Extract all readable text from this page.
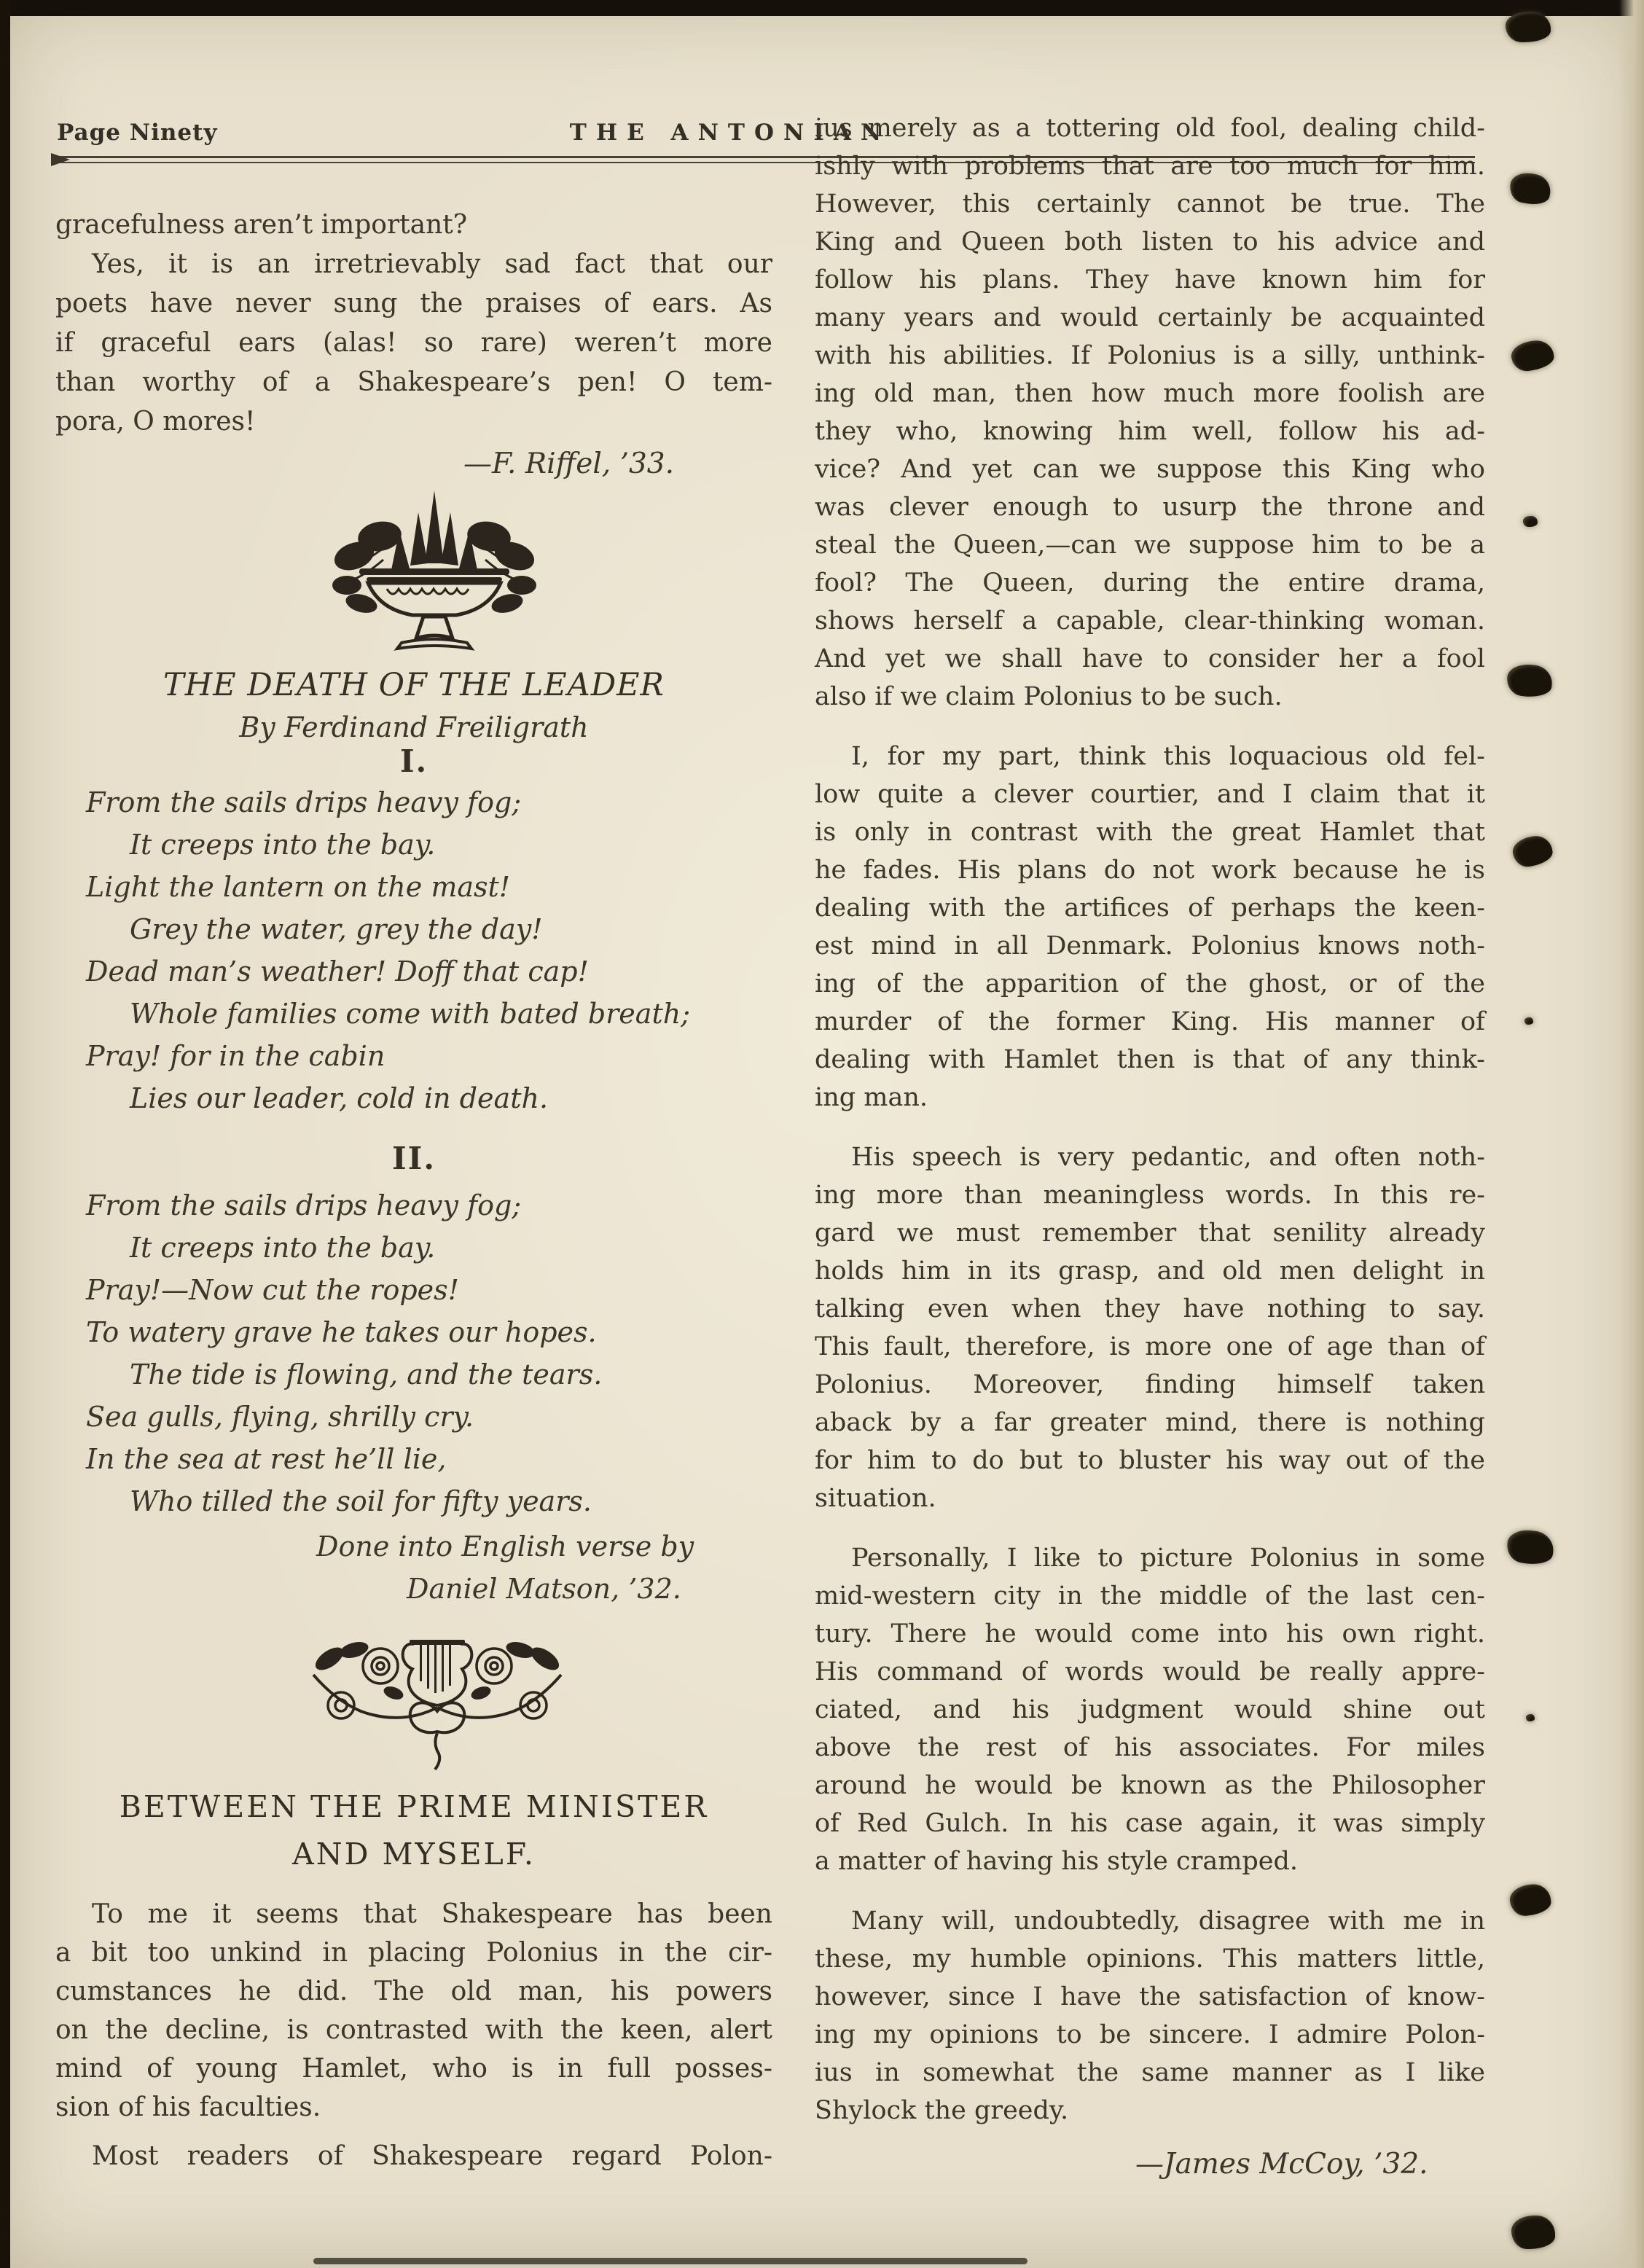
Page Ninety	THE ANTONIAN
gracefulness aren’t important?
Yes, it is an irretrievably sad fact that our
poets have never sung the praises of ears. As
if graceful ears (alas! so rare) weren’t more
than worthy of a Shakespeare’s pen! O tem-
pora, O mores!
—F. Riffel, ’33.
THE DEATH OF THE LEADER
By Ferdinand Freiligrath
I.
From the sails drips heavy fog;
It creeps into the bay.
Light the lantern on the mast!
Grey the water, grey the day!
Dead man’s weather! Doff that cap!
Whole families come with bated breath;
Pray! for in the cabin
Lies our leader, cold in death.
II.
From the sails drips heavy fog;
It creeps into the bay.
Pray!—Now cut the ropes!
To watery grave he takes our hopes.
The tide is flowing, and the tears.
Sea gulls, flying, shrilly cry.
In the sea at rest he’ll lie,
Who tilled the soil for fifty years.
Done into English verse by
Daniel Matson, ’32.
BETWEEN THE PRIME MINISTER
AND MYSELF.
To me it seems that Shakespeare has been
a bit too unkind in placing Polonius in the cir-
cumstances he did. The old man, his powers
on the decline, is contrasted with the keen, alert
mind of young Hamlet, who is in full posses-
sion of his faculties.
Most readers of Shakespeare regard Polon-
ius merely as a tottering old fool, dealing child-
ishly with problems that are too much for him.
However, this certainly cannot be true. The
King and Queen both listen to his advice and
follow his plans. They have known him for
many years and would certainly be acquainted
with his abilities. If Polonius is a silly, unthink-
ing old man, then how much more foolish are
they who, knowing him well, follow his ad-
vice? And yet can we suppose this King who
was clever enough to usurp the throne and
steal the Queen,—can we suppose him to be a
fool? The Queen, during the entire drama,
shows herself a capable, clear-thinking woman.
And yet we shall have to consider her a fool
also if we claim Polonius to be such.
I, for my part, think this loquacious old fel-
low quite a clever courtier, and I claim that it
is only in contrast with the great Hamlet that
he fades. His plans do not work because he is
dealing with the artifices of perhaps the keen-
est mind in all Denmark. Polonius knows noth-
ing of the apparition of the ghost, or of the
murder of the former King. His manner of
dealing with Hamlet then is that of any think-
ing man.
His speech is very pedantic, and often noth-
ing more than meaningless words. In this re-
gard we must remember that senility already
holds him in its grasp, and old men delight in
talking even when they have nothing to say.
This fault, therefore, is more one of age than of
Polonius. Moreover, finding himself taken
aback by a far greater mind, there is nothing
for him to do but to bluster his way out of the
situation.
Personally, I like to picture Polonius in some
mid-western city in the middle of the last cen-
tury. There he would come into his own right.
His command of words would be really appre-
ciated, and his judgment would shine out
above the rest of his associates. For miles
around he would be known as the Philosopher
of Red Gulch. In his case again, it was simply
a matter of having his style cramped.
Many will, undoubtedly, disagree with me in
these, my humble opinions. This matters little,
however, since I have the satisfaction of know-
ing my opinions to be sincere. I admire Polon-
ius in somewhat the same manner as I like
Shylock the greedy.
—James McCoy, ’32.
